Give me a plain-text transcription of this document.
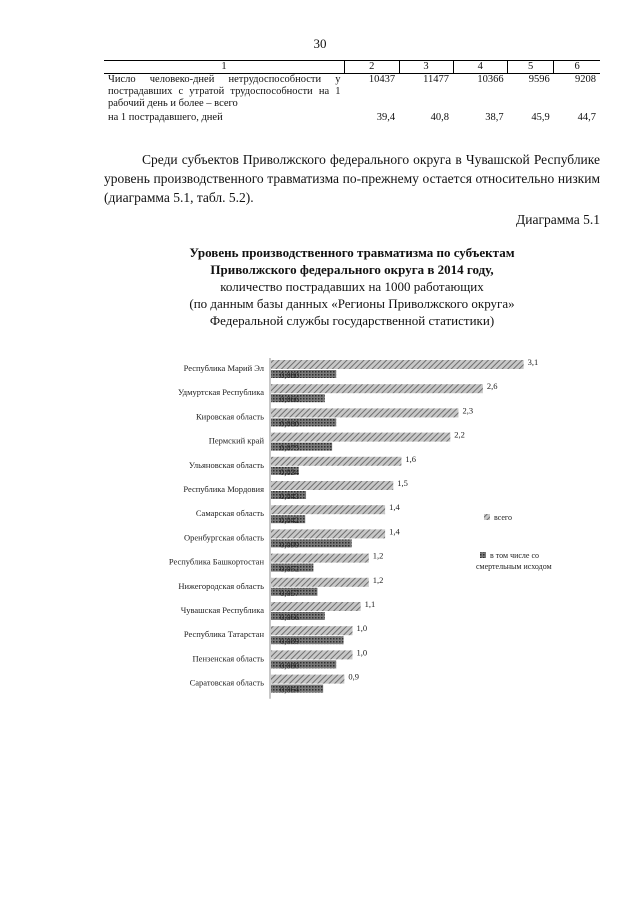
30
1	2	3	4	5	6
Число человеко-дней нетрудоспособности у пострадавших с утратой трудоспособности на 1 рабочий день и более – всего	10437	11477	10366	9596	9208
на 1 пострадавшего, дней	39,4	40,8	38,7	45,9	44,7

Среди субъектов Приволжского федерального округа в Чувашской Республике уровень производственного травматизма по-прежнему остается относительно низким (диаграмма 5.1, табл. 5.2).

Диаграмма 5.1
Уровень производственного травматизма по субъектам
Приволжского федерального округа в 2014 году,
количество пострадавших на 1000 работающих
(по данным базы данных «Регионы Приволжского округа»
Федеральной службы государственной статистики)
Республика Марий Эл
3,1
0,080
Удмуртская Республика
2,6
0,066
Кировская область
2,3
0,080
Пермский край
2,2
0,075
Ульяновская область
1,6
0,034
Республика Мордовия
1,5
0,043
Самарская область
1,4
0,042
Оренбургская область
1,4
0,099
Республика Башкортостан
1,2
0,052
Нижегородская область
1,2
0,057
Чувашская Республика
1,1
0,066
Республика Татарстан
1,0
0,089
Пензенская область
1,0
0,080
Саратовская область
0,9
0,064
всего
в том числе со
смертельным исходом
